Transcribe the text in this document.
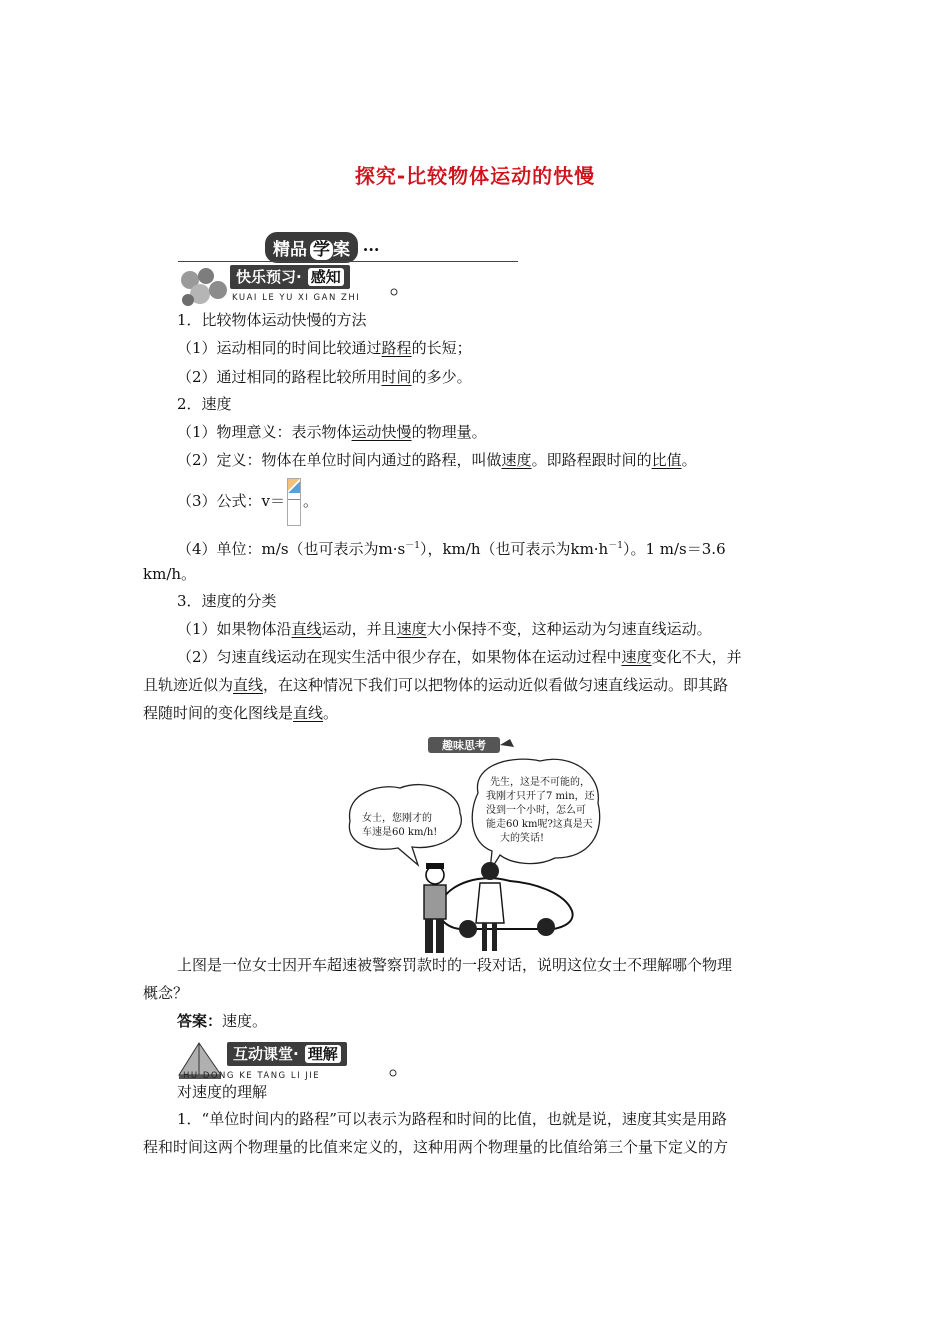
探究-比较物体运动的快慢
精品 学 案 ···
快乐预习· 感知
KUAI LE YU XI GAN ZHI
1．比较物体运动快慢的方法
（1）运动相同的时间比较通过路程的长短；
（2）通过相同的路程比较所用时间的多少。
2．速度
（1）物理意义：表示物体运动快慢的物理量。
（2）定义：物体在单位时间内通过的路程，叫做速度。即路程跟时间的比值。
（3）公式：v＝ 。
（4）单位：m/s（也可表示为$m\cdot s^{-1}$），km/h（也可表示为$km\cdot h^{-1}$）。1 m/s＝3.6
km/h。
3．速度的分类
（1）如果物体沿直线运动，并且速度大小保持不变，这种运动为匀速直线运动。
（2）匀速直线运动在现实生活中很少存在，如果物体在运动过程中速度变化不大，并
且轨迹近似为直线，在这种情况下我们可以把物体的运动近似看做匀速直线运动。即其路
程随时间的变化图线是直线。
趣味思考
女士，您刚才的
车速是60 km/h!
先生，这是不可能的，
我刚才只开了7 min，还
没到一个小时，怎么可
能走60 km呢?这真是天
大的笑话!
上图是一位女士因开车超速被警察罚款时的一段对话，说明这位女士不理解哪个物理
概念？
答案：速度。
互动课堂· 理解
HU DONG KE TANG LI JIE
对速度的理解
1．“单位时间内的路程”可以表示为路程和时间的比值，也就是说，速度其实是用路
程和时间这两个物理量的比值来定义的，这种用两个物理量的比值给第三个量下定义的方
